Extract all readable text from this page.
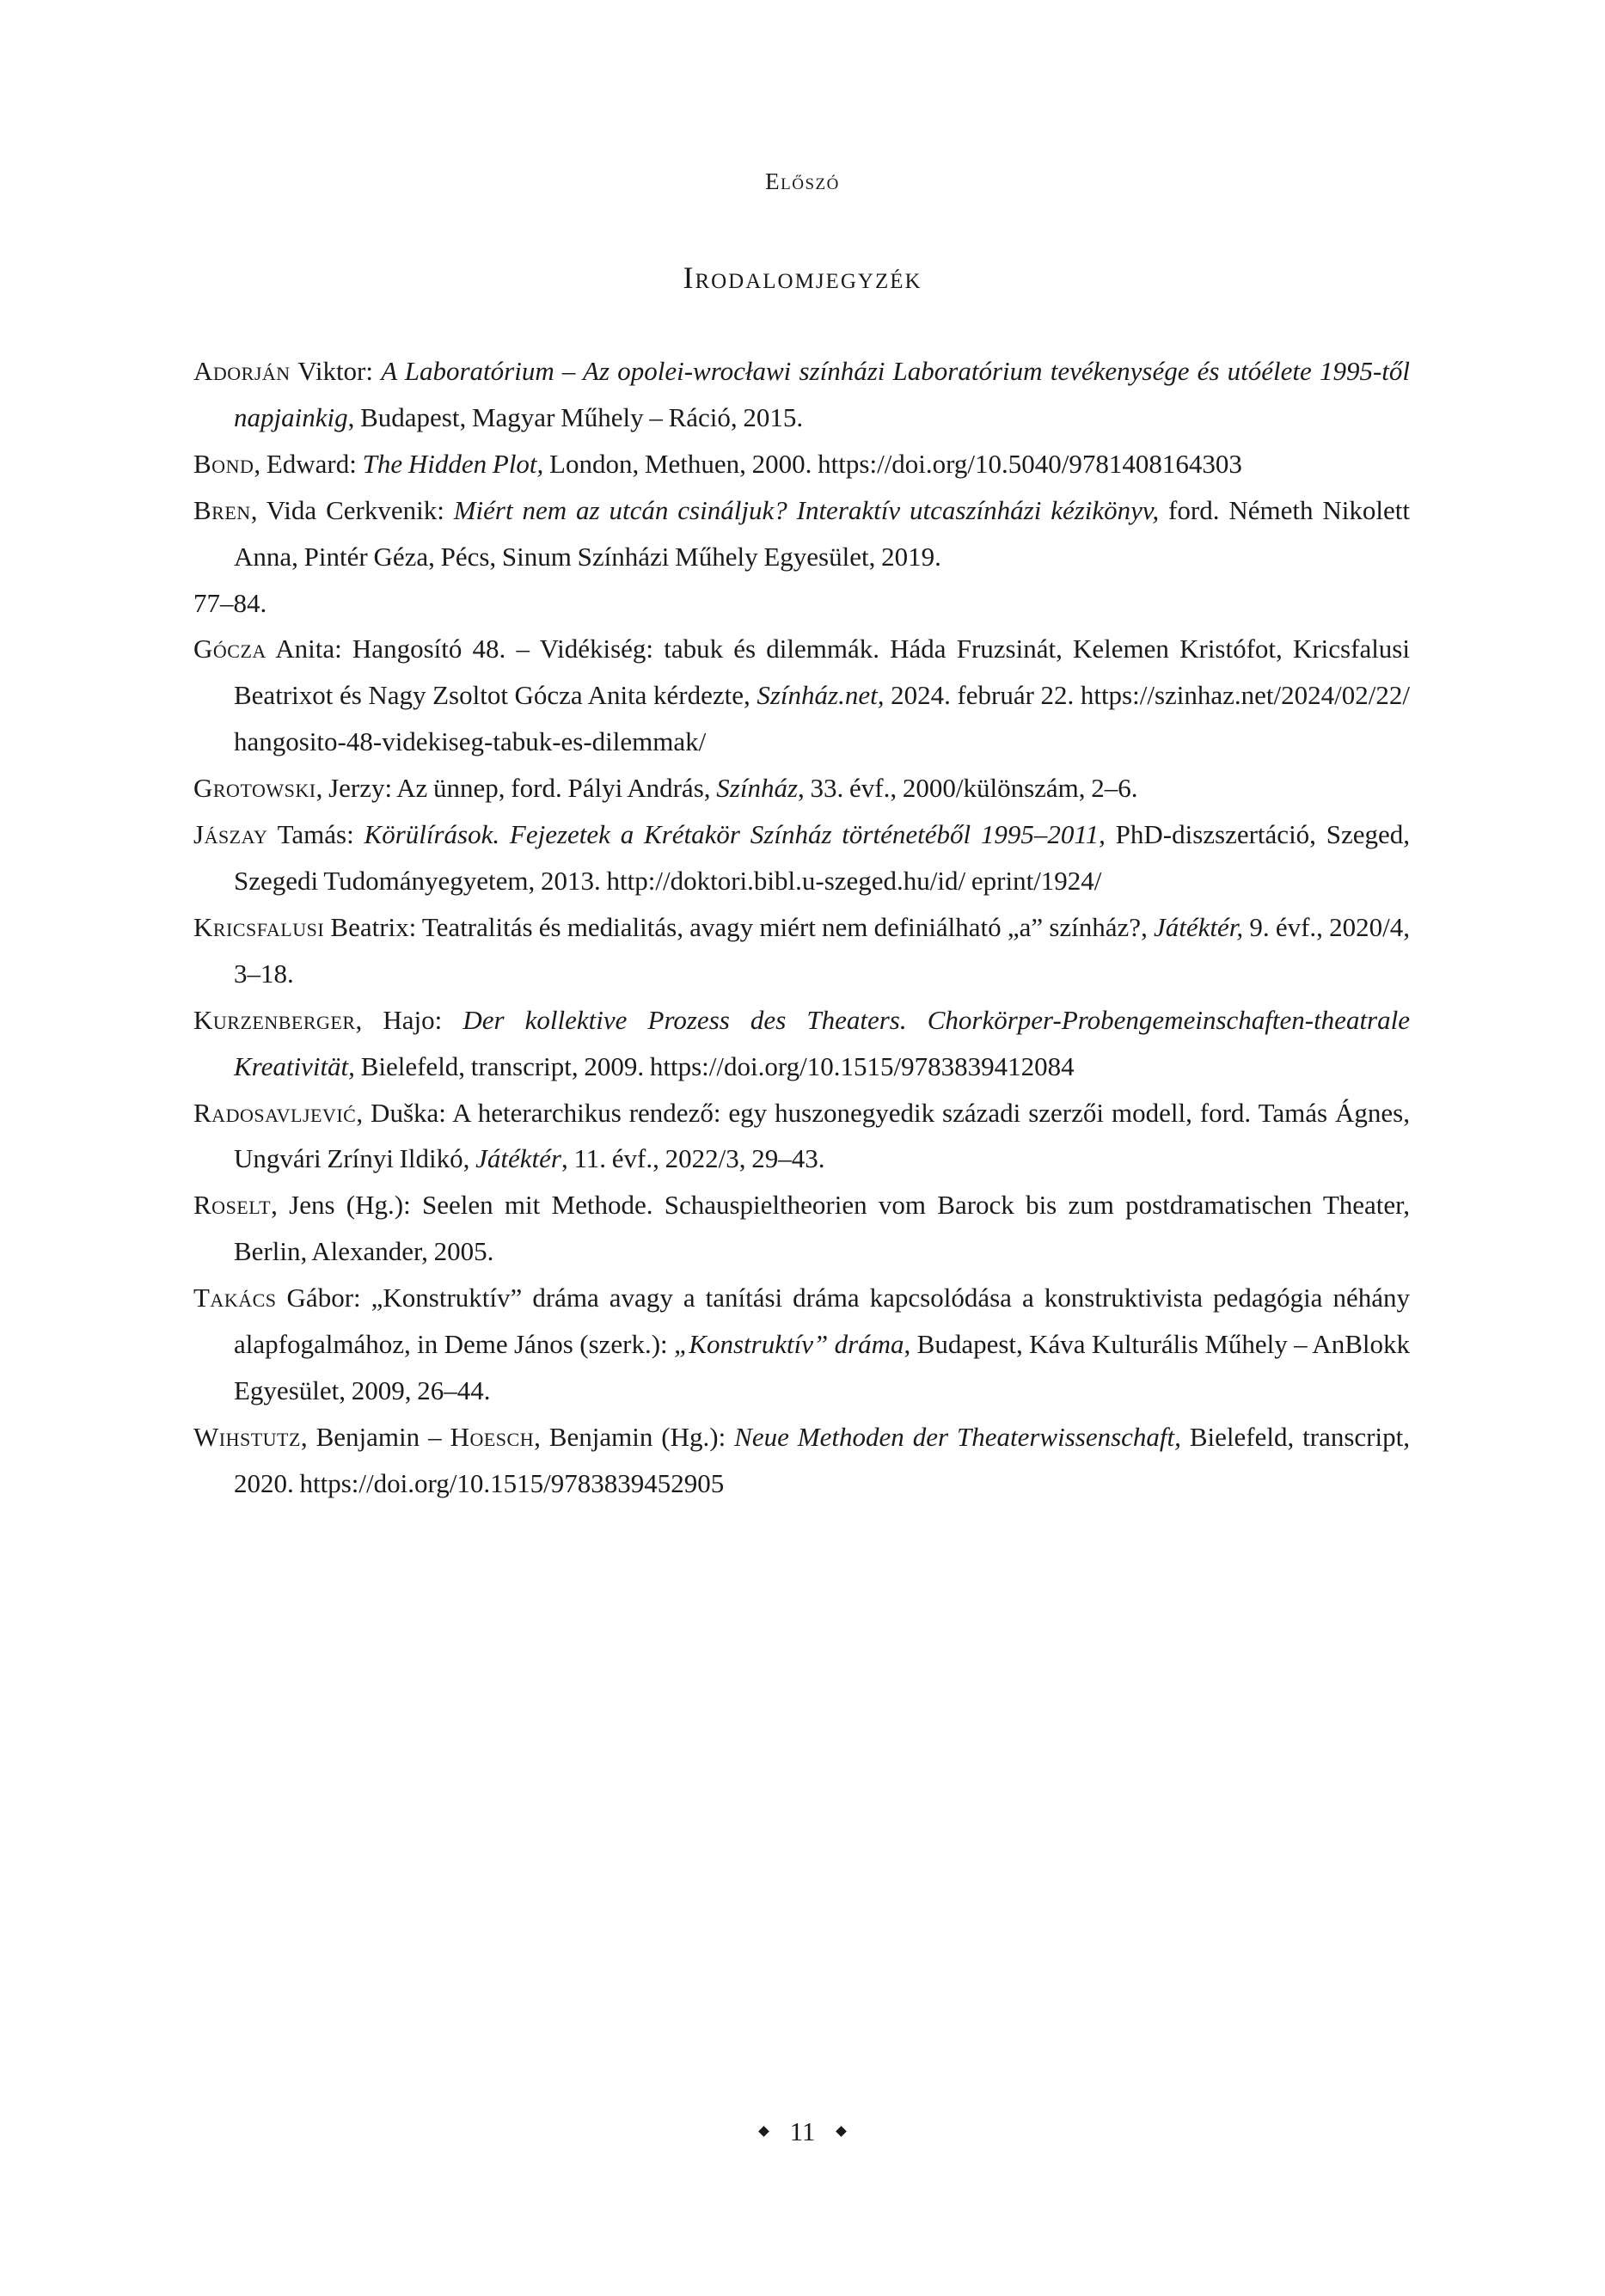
Előszó
Irodalomjegyzék
Adorján Viktor: A Laboratórium – Az opolei-wrocławi színházi Laboratórium tevékenysége és utóélete 1995-től napjainkig, Budapest, Magyar Műhely – Ráció, 2015.
Bond, Edward: The Hidden Plot, London, Methuen, 2000. https://doi.org/10.5040/9781408164303
Bren, Vida Cerkvenik: Miért nem az utcán csináljuk? Interaktív utcaszínházi kézikönyv, ford. Németh Nikolett Anna, Pintér Géza, Pécs, Sinum Színházi Műhely Egyesület, 2019.
77–84.
Gócza Anita: Hangosító 48. – Vidékiség: tabuk és dilemmák. Háda Fruzsinát, Kelemen Kristófot, Kricsfalusi Beatrixot és Nagy Zsoltot Gócza Anita kérdezte, Színház.net, 2024. február 22. https://szinhaz.net/2024/02/22/hangosito-48-videkiseg-tabuk-es-dilemmak/
Grotowski, Jerzy: Az ünnep, ford. Pályi András, Színház, 33. évf., 2000/különszám, 2–6.
Jászay Tamás: Körülírások. Fejezetek a Krétakör Színház történetéből 1995–2011, PhD-diszszertáció, Szeged, Szegedi Tudományegyetem, 2013. http://doktori.bibl.u-szeged.hu/id/ eprint/1924/
Kricsfalusi Beatrix: Teatralitás és medialitás, avagy miért nem definiálható „a” színház?, Játéktér, 9. évf., 2020/4, 3–18.
Kurzenberger, Hajo: Der kollektive Prozess des Theaters. Chorkörper-Probengemeinschaften-theatrale Kreativität, Bielefeld, transcript, 2009. https://doi.org/10.1515/9783839412084
Radosavljević, Duška: A heterarchikus rendező: egy huszonegyedik századi szerzői modell, ford. Tamás Ágnes, Ungvári Zrínyi Ildikó, Játéktér, 11. évf., 2022/3, 29–43.
Roselt, Jens (Hg.): Seelen mit Methode. Schauspieltheorien vom Barock bis zum postdramatischen Theater, Berlin, Alexander, 2005.
Takács Gábor: „Konstruktív” dráma avagy a tanítási dráma kapcsolódása a konstruktivista pedagógia néhány alapfogalmához, in Deme János (szerk.): „Konstruktív” dráma, Budapest, Káva Kulturális Műhely – AnBlokk Egyesület, 2009, 26–44.
Wihstutz, Benjamin – Hoesch, Benjamin (Hg.): Neue Methoden der Theaterwissenschaft, Bielefeld, transcript, 2020. https://doi.org/10.1515/9783839452905
11
